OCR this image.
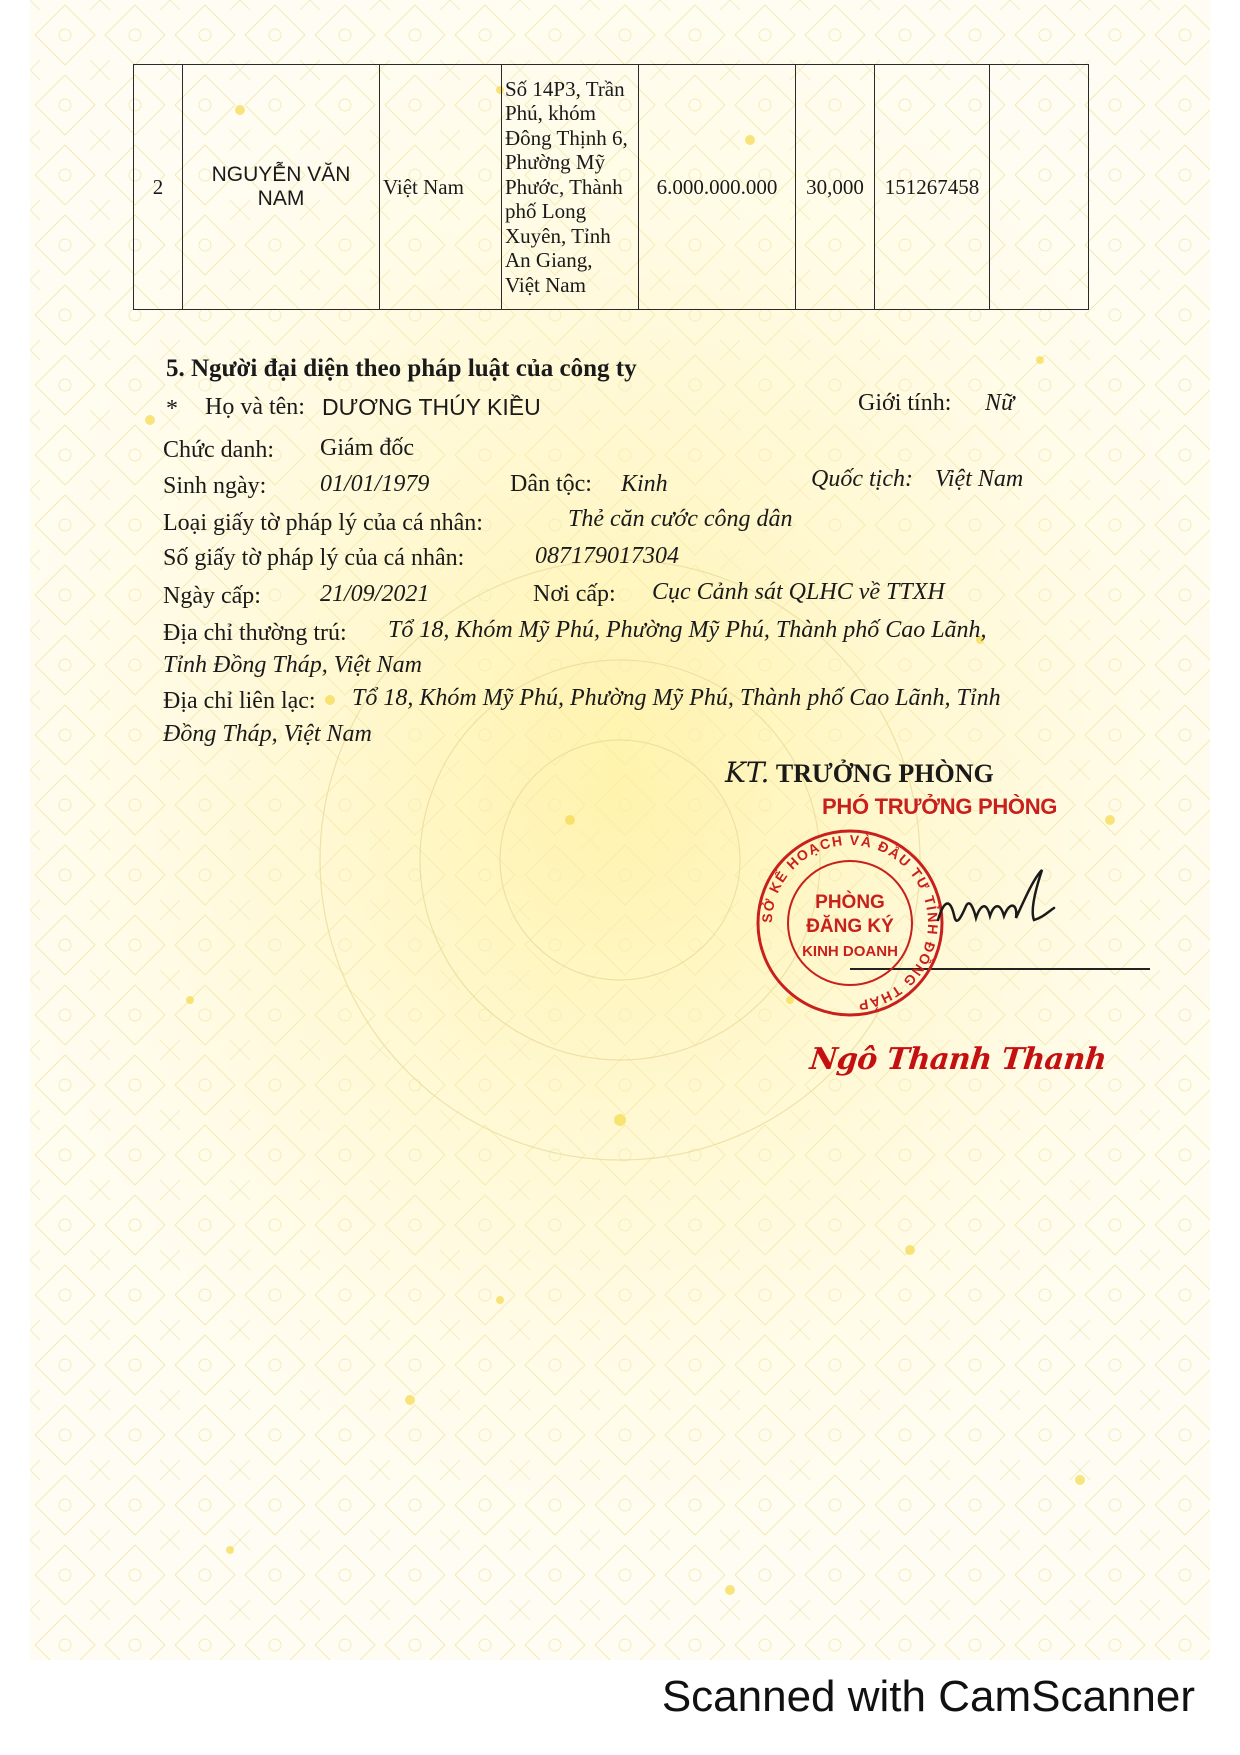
2	NGUYỄN VĂN
NAM	Việt Nam	Số 14P3, Trần
Phú, khóm
Đông Thịnh 6,
Phường Mỹ
Phước, Thành
phố Long
Xuyên, Tỉnh
An Giang,
Việt Nam	6.000.000.000	30,000	151267458	
5. Người đại diện theo pháp luật của công ty
* Họ và tên: DƯƠNG THÚY KIỀU	Giới tính: Nữ
Chức danh: Giám đốc
Sinh ngày: 01/01/1979	Dân tộc: Kinh	Quốc tịch: Việt Nam
Loại giấy tờ pháp lý của cá nhân:	Thẻ căn cước công dân
Số giấy tờ pháp lý của cá nhân:	087179017304
Ngày cấp: 21/09/2021	Nơi cấp: Cục Cảnh sát QLHC về TTXH
Địa chỉ thường trú: Tổ 18, Khóm Mỹ Phú, Phường Mỹ Phú, Thành phố Cao Lãnh,
Tỉnh Đồng Tháp, Việt Nam
Địa chỉ liên lạc: Tổ 18, Khóm Mỹ Phú, Phường Mỹ Phú, Thành phố Cao Lãnh, Tỉnh
Đồng Tháp, Việt Nam
KT. TRƯỞNG PHÒNG
PHÓ TRƯỞNG PHÒNG
SỞ KẾ HOẠCH VÀ ĐẦU TƯ TỈNH ĐỒNG THÁP
PHÒNG
ĐĂNG KÝ
KINH DOANH
Ngô Thanh Thanh
Scanned with CamScanner
